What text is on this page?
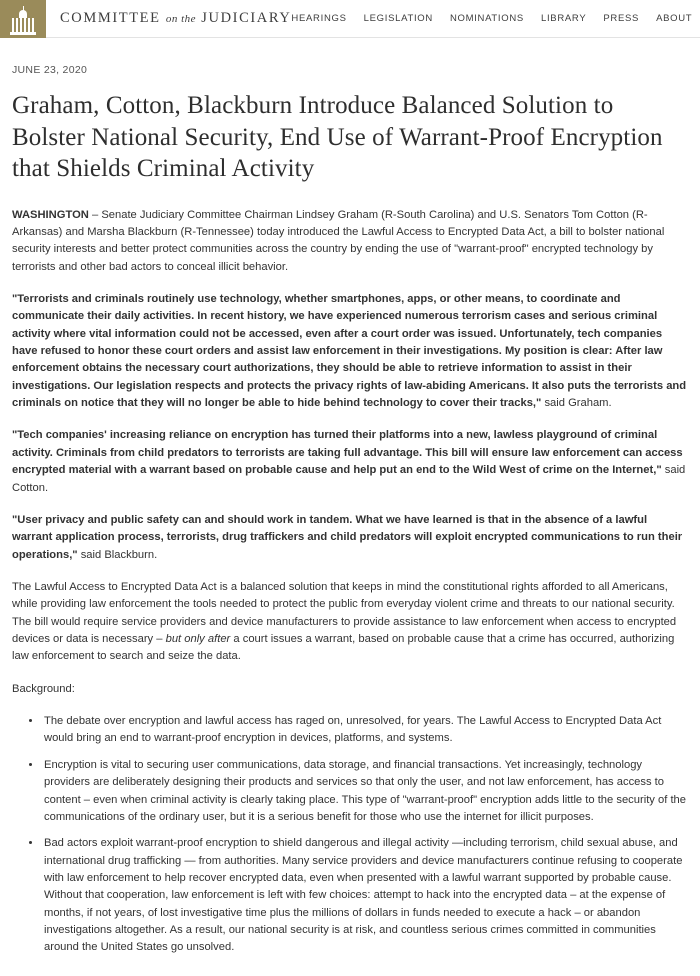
COMMITTEE on the JUDICIARY HEARINGS LEGISLATION NOMINATIONS LIBRARY PRESS ABOUT
JUNE 23, 2020
Graham, Cotton, Blackburn Introduce Balanced Solution to Bolster National Security, End Use of Warrant-Proof Encryption that Shields Criminal Activity

WASHINGTON – Senate Judiciary Committee Chairman Lindsey Graham (R-South Carolina) and U.S. Senators Tom Cotton (R-Arkansas) and Marsha Blackburn (R-Tennessee) today introduced the Lawful Access to Encrypted Data Act, a bill to bolster national security interests and better protect communities across the country by ending the use of "warrant-proof" encrypted technology by terrorists and other bad actors to conceal illicit behavior.

"Terrorists and criminals routinely use technology, whether smartphones, apps, or other means, to coordinate and communicate their daily activities. In recent history, we have experienced numerous terrorism cases and serious criminal activity where vital information could not be accessed, even after a court order was issued. Unfortunately, tech companies have refused to honor these court orders and assist law enforcement in their investigations. My position is clear: After law enforcement obtains the necessary court authorizations, they should be able to retrieve information to assist in their investigations. Our legislation respects and protects the privacy rights of law-abiding Americans. It also puts the terrorists and criminals on notice that they will no longer be able to hide behind technology to cover their tracks," said Graham.

"Tech companies' increasing reliance on encryption has turned their platforms into a new, lawless playground of criminal activity. Criminals from child predators to terrorists are taking full advantage. This bill will ensure law enforcement can access encrypted material with a warrant based on probable cause and help put an end to the Wild West of crime on the Internet," said Cotton.

"User privacy and public safety can and should work in tandem. What we have learned is that in the absence of a lawful warrant application process, terrorists, drug traffickers and child predators will exploit encrypted communications to run their operations," said Blackburn.

The Lawful Access to Encrypted Data Act is a balanced solution that keeps in mind the constitutional rights afforded to all Americans, while providing law enforcement the tools needed to protect the public from everyday violent crime and threats to our national security. The bill would require service providers and device manufacturers to provide assistance to law enforcement when access to encrypted devices or data is necessary – but only after a court issues a warrant, based on probable cause that a crime has occurred, authorizing law enforcement to search and seize the data.

Background:

• The debate over encryption and lawful access has raged on, unresolved, for years. The Lawful Access to Encrypted Data Act would bring an end to warrant-proof encryption in devices, platforms, and systems.
• Encryption is vital to securing user communications, data storage, and financial transactions. Yet increasingly, technology providers are deliberately designing their products and services so that only the user, and not law enforcement, has access to content – even when criminal activity is clearly taking place. This type of "warrant-proof" encryption adds little to the security of the communications of the ordinary user, but it is a serious benefit for those who use the internet for illicit purposes.
• Bad actors exploit warrant-proof encryption to shield dangerous and illegal activity —including terrorism, child sexual abuse, and international drug trafficking — from authorities. Many service providers and device manufacturers continue refusing to cooperate with law enforcement to help recover encrypted data, even when presented with a lawful warrant supported by probable cause. Without that cooperation, law enforcement is left with few choices: attempt to hack into the encrypted data – at the expense of months, if not years, of lost investigative time plus the millions of dollars in funds needed to execute a hack – or abandon investigations altogether. As a result, our national security is at risk, and countless serious crimes committed in communities around the United States go unsolved.
